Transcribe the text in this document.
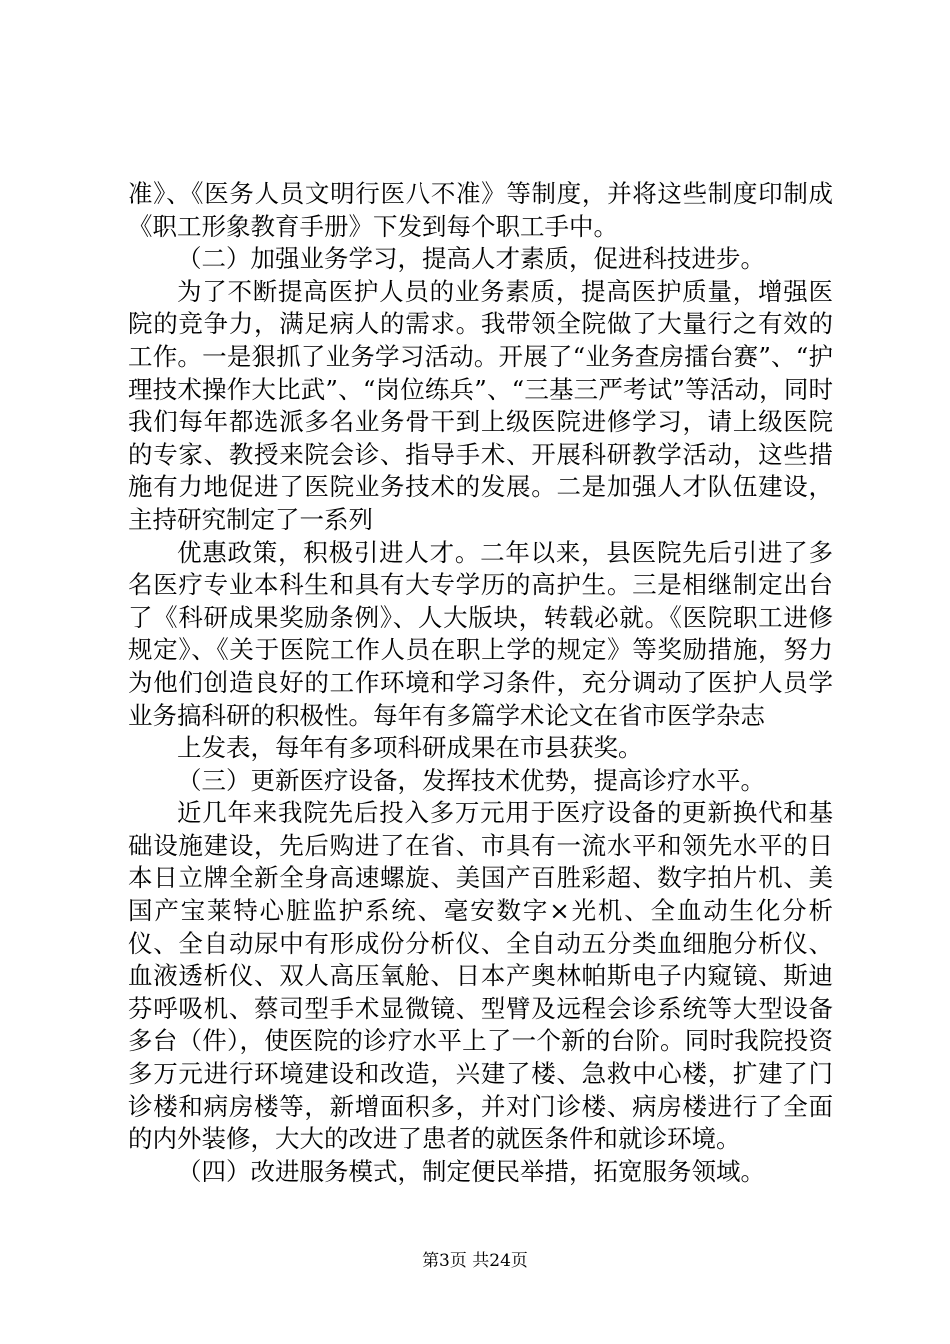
准》、《医务人员文明行医八不准》等制度，并将这些制度印制成《职工形象教育手册》下发到每个职工手中。

（二）加强业务学习，提高人才素质，促进科技进步。

为了不断提高医护人员的业务素质，提高医护质量，增强医院的竞争力，满足病人的需求。我带领全院做了大量行之有效的工作。一是狠抓了业务学习活动。开展了“业务查房擂台赛”、“护理技术操作大比武”、“岗位练兵”、“三基三严考试”等活动，同时我们每年都选派多名业务骨干到上级医院进修学习，请上级医院的专家、教授来院会诊、指导手术、开展科研教学活动，这些措施有力地促进了医院业务技术的发展。二是加强人才队伍建设，主持研究制定了一系列

优惠政策，积极引进人才。二年以来，县医院先后引进了多名医疗专业本科生和具有大专学历的高护生。三是相继制定出台了《科研成果奖励条例》、人大版块，转载必就。《医院职工进修规定》、《关于医院工作人员在职上学的规定》等奖励措施，努力为他们创造良好的工作环境和学习条件，充分调动了医护人员学业务搞科研的积极性。每年有多篇学术论文在省市医学杂志

上发表，每年有多项科研成果在市县获奖。

（三）更新医疗设备，发挥技术优势，提高诊疗水平。

近几年来我院先后投入多万元用于医疗设备的更新换代和基础设施建设，先后购进了在省、市具有一流水平和领先水平的日本日立牌全新全身高速螺旋、美国产百胜彩超、数字拍片机、美国产宝莱特心脏监护系统、毫安数字×光机、全血动生化分析仪、全自动尿中有形成份分析仪、全自动五分类血细胞分析仪、血液透析仪、双人高压氧舱、日本产奥林帕斯电子内窥镜、斯迪芬呼吸机、蔡司型手术显微镜、型臂及远程会诊系统等大型设备多台（件），使医院的诊疗水平上了一个新的台阶。同时我院投资多万元进行环境建设和改造，兴建了楼、急救中心楼，扩建了门诊楼和病房楼等，新增面积多，并对门诊楼、病房楼进行了全面的内外装修，大大的改进了患者的就医条件和就诊环境。

（四）改进服务模式，制定便民举措，拓宽服务领域。

第3页 共24页
